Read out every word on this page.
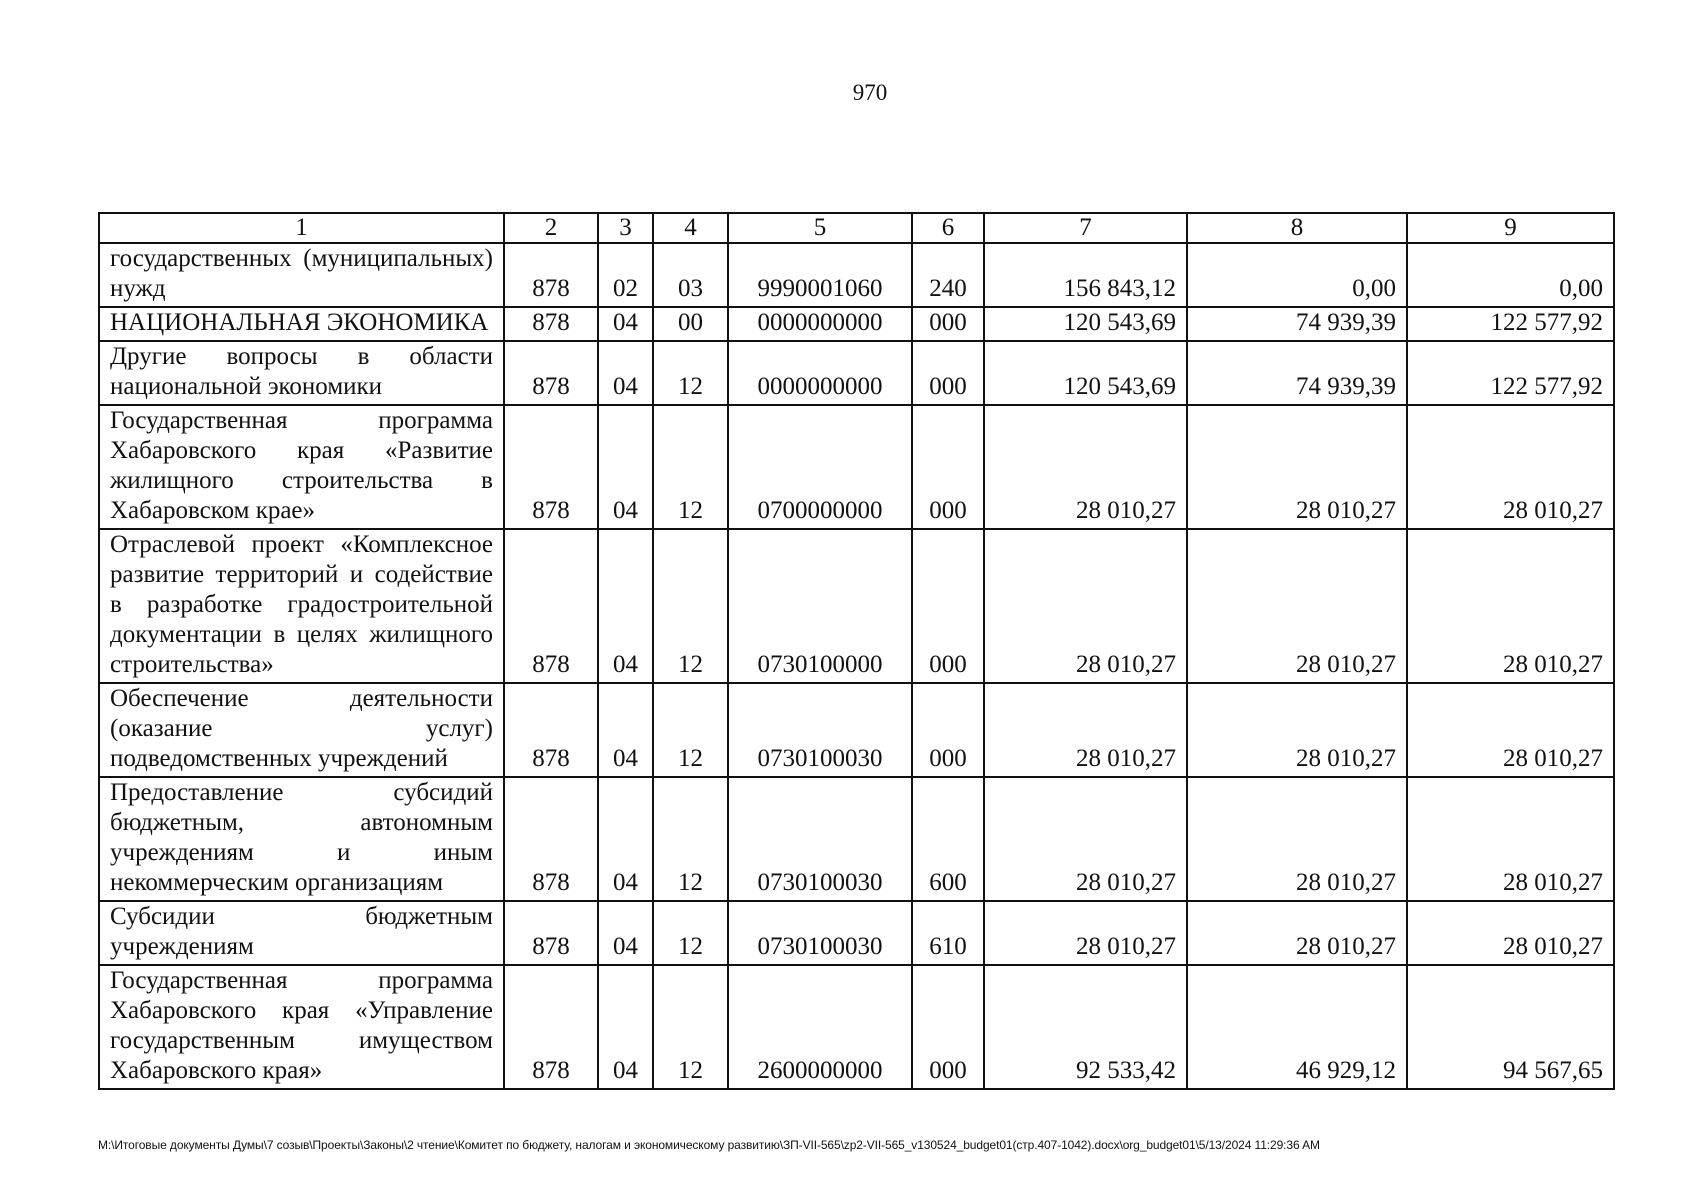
970
1	2	3	4	5	6	7	8	9
государственных (муниципальных) нужд	878	02	03	9990001060	240	156 843,12	0,00	0,00
НАЦИОНАЛЬНАЯ ЭКОНОМИКА	878	04	00	0000000000	000	120 543,69	74 939,39	122 577,92
Другие вопросы в области национальной экономики	878	04	12	0000000000	000	120 543,69	74 939,39	122 577,92
Государственная программа Хабаровского края «Развитие жилищного строительства в Хабаровском крае»	878	04	12	0700000000	000	28 010,27	28 010,27	28 010,27
Отраслевой проект «Комплексное развитие территорий и содействие в разработке градостроительной документации в целях жилищного строительства»	878	04	12	0730100000	000	28 010,27	28 010,27	28 010,27
Обеспечение деятельности (оказание услуг) подведомственных учреждений	878	04	12	0730100030	000	28 010,27	28 010,27	28 010,27
Предоставление субсидий бюджетным, автономным учреждениям и иным некоммерческим организациям	878	04	12	0730100030	600	28 010,27	28 010,27	28 010,27
Субсидии бюджетным учреждениям	878	04	12	0730100030	610	28 010,27	28 010,27	28 010,27
Государственная программа Хабаровского края «Управление государственным имуществом Хабаровского края»	878	04	12	2600000000	000	92 533,42	46 929,12	94 567,65
M:\Итоговые документы Думы\7 созыв\Проекты\Законы\2 чтение\Комитет по бюджету, налогам и экономическому развитию\ЗП-VII-565\zp2-VII-565_v130524_budget01(стр.407-1042).docx\org_budget01\5/13/2024 11:29:36 AM
